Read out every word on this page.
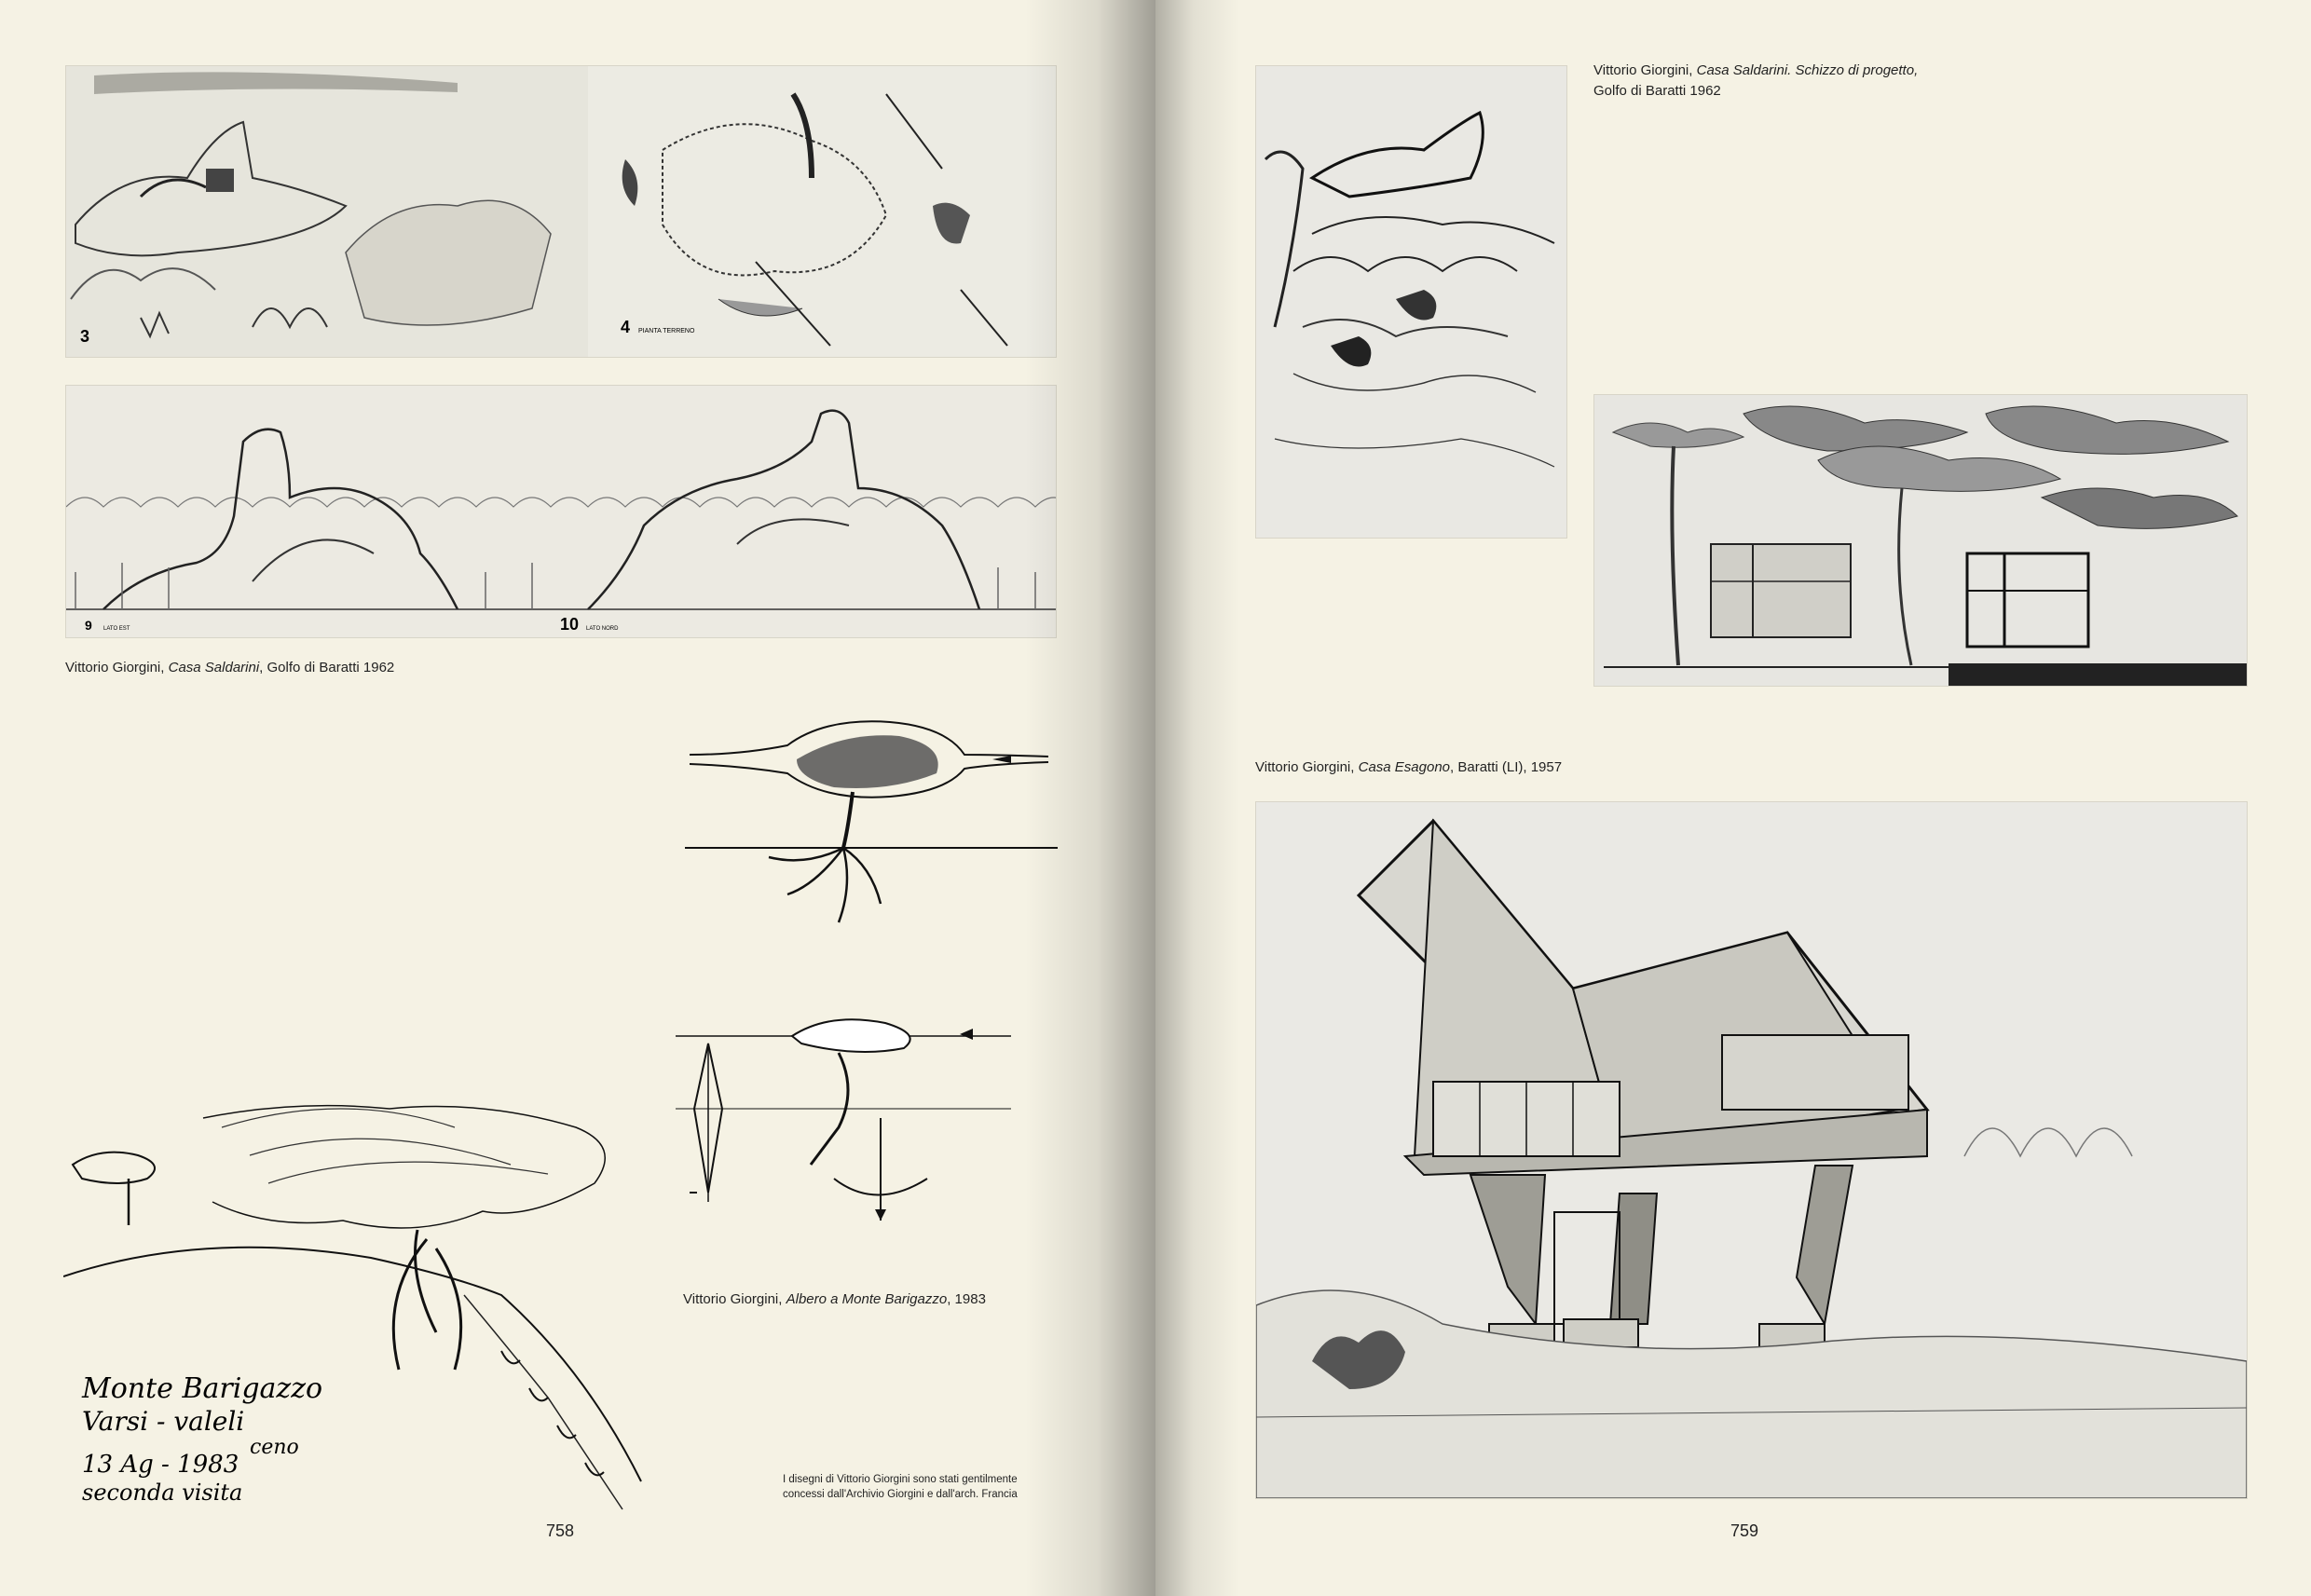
3	4 PIANTA TERRENO
9 LATO EST	10 LATO NORD
Vittorio Giorgini, Casa Saldarini, Golfo di Baratti 1962
Monte Barigazzo
Varsi - valeli
ceno
13 Ag - 1983
seconda visita
Vittorio Giorgini, Albero a Monte Barigazzo, 1983
I disegni di Vittorio Giorgini sono stati gentilmente
concessi dall'Archivio Giorgini e dall'arch. Francia
758
Vittorio Giorgini, Casa Saldarini. Schizzo di progetto,
Golfo di Baratti 1962
Vittorio Giorgini, Casa Esagono, Baratti (LI), 1957
759
